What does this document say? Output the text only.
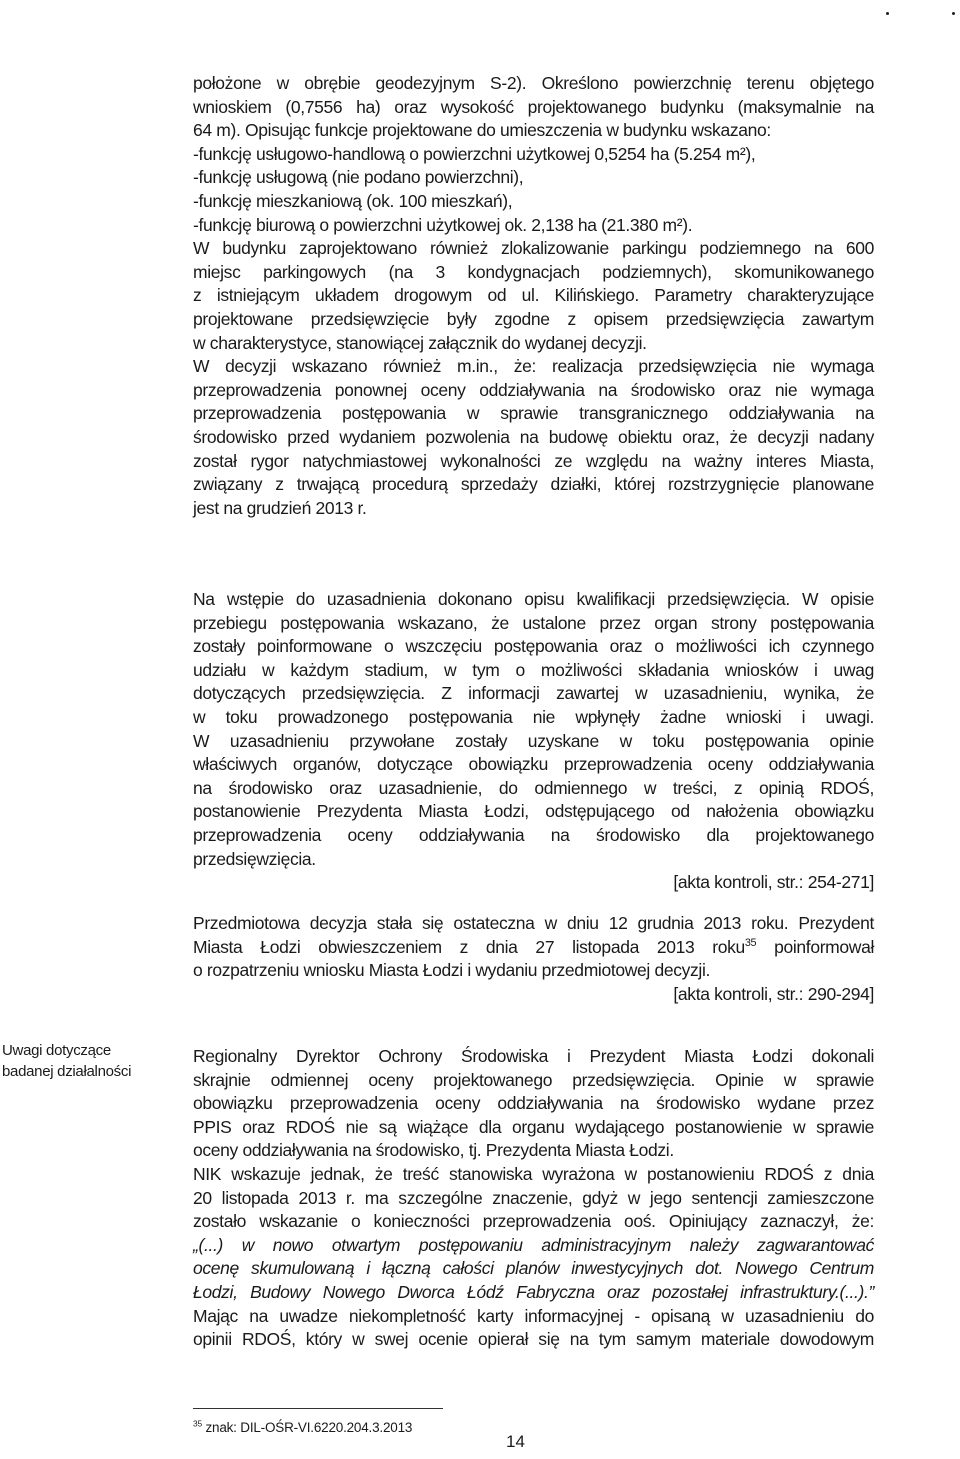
położone w obrębie geodezyjnym S-2). Określono powierzchnię terenu objętego
wnioskiem (0,7556 ha) oraz wysokość projektowanego budynku (maksymalnie na
64 m). Opisując funkcje projektowane do umieszczenia w budynku wskazano:
-funkcję usługowo-handlową o powierzchni użytkowej 0,5254 ha (5.254 m²),
-funkcję usługową (nie podano powierzchni),
-funkcję mieszkaniową (ok. 100 mieszkań),
-funkcję biurową o powierzchni użytkowej ok. 2,138 ha (21.380 m²).
W budynku zaprojektowano również zlokalizowanie parkingu podziemnego na 600
miejsc parkingowych (na 3 kondygnacjach podziemnych), skomunikowanego
z istniejącym układem drogowym od ul. Kilińskiego. Parametry charakteryzujące
projektowane przedsięwzięcie były zgodne z opisem przedsięwzięcia zawartym
w charakterystyce, stanowiącej załącznik do wydanej decyzji.
W decyzji wskazano również m.in., że: realizacja przedsięwzięcia nie wymaga
przeprowadzenia ponownej oceny oddziaływania na środowisko oraz nie wymaga
przeprowadzenia postępowania w sprawie transgranicznego oddziaływania na
środowisko przed wydaniem pozwolenia na budowę obiektu oraz, że decyzji nadany
został rygor natychmiastowej wykonalności ze względu na ważny interes Miasta,
związany z trwającą procedurą sprzedaży działki, której rozstrzygnięcie planowane
jest na grudzień 2013 r.
Na wstępie do uzasadnienia dokonano opisu kwalifikacji przedsięwzięcia. W opisie
przebiegu postępowania wskazano, że ustalone przez organ strony postępowania
zostały poinformowane o wszczęciu postępowania oraz o możliwości ich czynnego
udziału w każdym stadium, w tym o możliwości składania wniosków i uwag
dotyczących przedsięwzięcia. Z informacji zawartej w uzasadnieniu, wynika, że
w toku prowadzonego postępowania nie wpłynęły żadne wnioski i uwagi.
W uzasadnieniu przywołane zostały uzyskane w toku postępowania opinie
właściwych organów, dotyczące obowiązku przeprowadzenia oceny oddziaływania
na środowisko oraz uzasadnienie, do odmiennego w treści, z opinią RDOŚ,
postanowienie Prezydenta Miasta Łodzi, odstępującego od nałożenia obowiązku
przeprowadzenia oceny oddziaływania na środowisko dla projektowanego
przedsięwzięcia.
[akta kontroli, str.: 254-271]
Przedmiotowa decyzja stała się ostateczna w dniu 12 grudnia 2013 roku. Prezydent
Miasta Łodzi obwieszczeniem z dnia 27 listopada 2013 roku$^{35}$ poinformował
o rozpatrzeniu wniosku Miasta Łodzi i wydaniu przedmiotowej decyzji.
[akta kontroli, str.: 290-294]
Uwagi dotyczące
badanej działalności
Regionalny Dyrektor Ochrony Środowiska i Prezydent Miasta Łodzi dokonali
skrajnie odmiennej oceny projektowanego przedsięwzięcia. Opinie w sprawie
obowiązku przeprowadzenia oceny oddziaływania na środowisko wydane przez
PPIS oraz RDOŚ nie są wiążące dla organu wydającego postanowienie w sprawie
oceny oddziaływania na środowisko, tj. Prezydenta Miasta Łodzi.
NIK wskazuje jednak, że treść stanowiska wyrażona w postanowieniu RDOŚ z dnia
20 listopada 2013 r. ma szczególne znaczenie, gdyż w jego sentencji zamieszczone
zostało wskazanie o konieczności przeprowadzenia ooś. Opiniujący zaznaczył, że:
„(...) w nowo otwartym postępowaniu administracyjnym należy zagwarantować
ocenę skumulowaną i łączną całości planów inwestycyjnych dot. Nowego Centrum
Łodzi, Budowy Nowego Dworca Łódź Fabryczna oraz pozostałej infrastruktury.(...).”
Mając na uwadze niekompletność karty informacyjnej - opisaną w uzasadnieniu do
opinii RDOŚ, który w swej ocenie opierał się na tym samym materiale dowodowym
$^{35}$ znak: DIL-OŚR-VI.6220.204.3.2013
14
